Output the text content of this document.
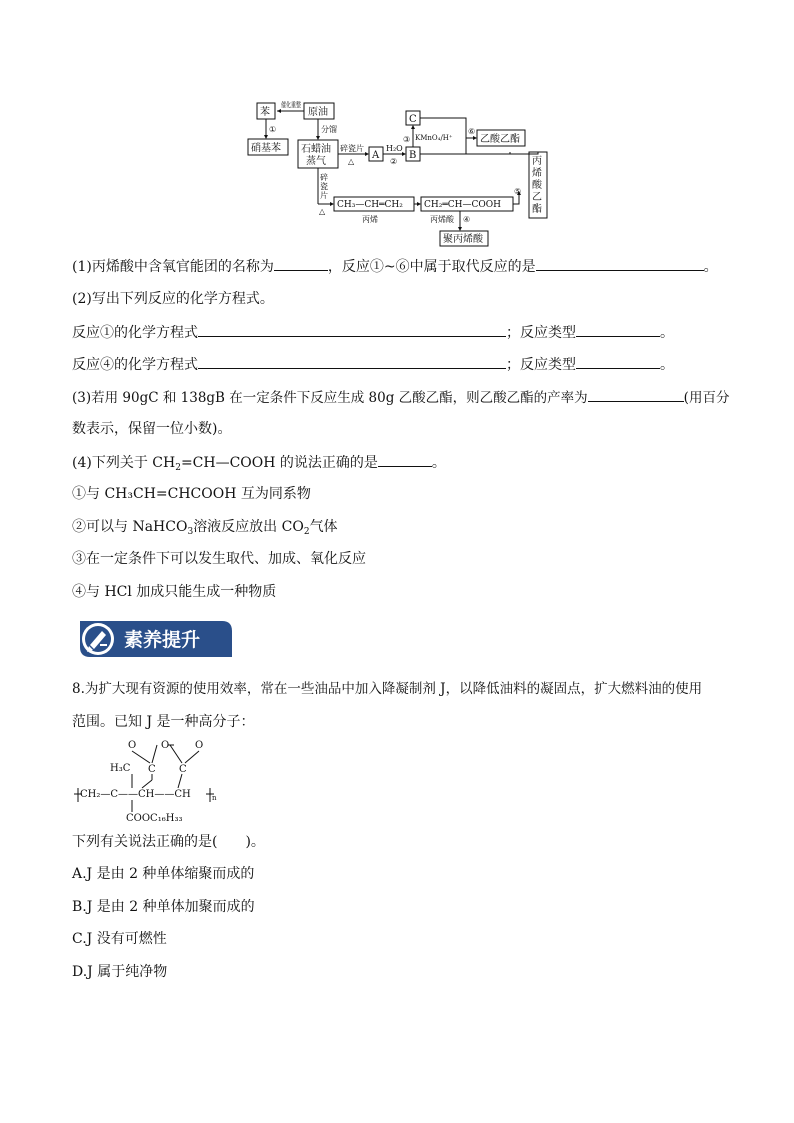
苯	原油
催化重整
①
硝基苯
分馏
石蜡油
蒸气
碎瓷片
△
A
H₂O
②
B
③ KMnO₄/H⁺
C
⑥
乙酸乙酯
碎
瓷
片
△
CH₃—CH═CH₂
丙烯
CH₂═CH—COOH
丙烯酸 ④
聚丙烯酸
⑤
丙
烯
酸
乙
酯
(1)丙烯酸中含氧官能团的名称为	，反应①~⑥中属于取代反应的是	。
(2)写出下列反应的化学方程式。
反应①的化学方程式	；反应类型	。
反应④的化学方程式	；反应类型	。
(3)若用 90gC 和 138gB 在一定条件下反应生成 80g 乙酸乙酯，则乙酸乙酯的产率为	(用百分
数表示，保留一位小数)。
(4)下列关于 $CH_2=CH—COOH$ 的说法正确的是	。
①与 CH₃CH=CHCOOH 互为同系物
②可以与 NaHCO$_3$溶液反应放出 $CO_2$气体
③在一定条件下可以发生取代、加成、氧化反应
④与 HCl 加成只能生成一种物质
素养提升
8.为扩大现有资源的使用效率，常在一些油品中加入降凝制剂 J，以降低油料的凝固点，扩大燃料油的使用
范围。已知 J 是一种高分子：
O O	O
H₃C C C
CH₂—C——CH——CH	n
COOC₁₆H₃₃
下列有关说法正确的是(　　)。
A.J 是由 2 种单体缩聚而成的
B.J 是由 2 种单体加聚而成的
C.J 没有可燃性
D.J 属于纯净物
